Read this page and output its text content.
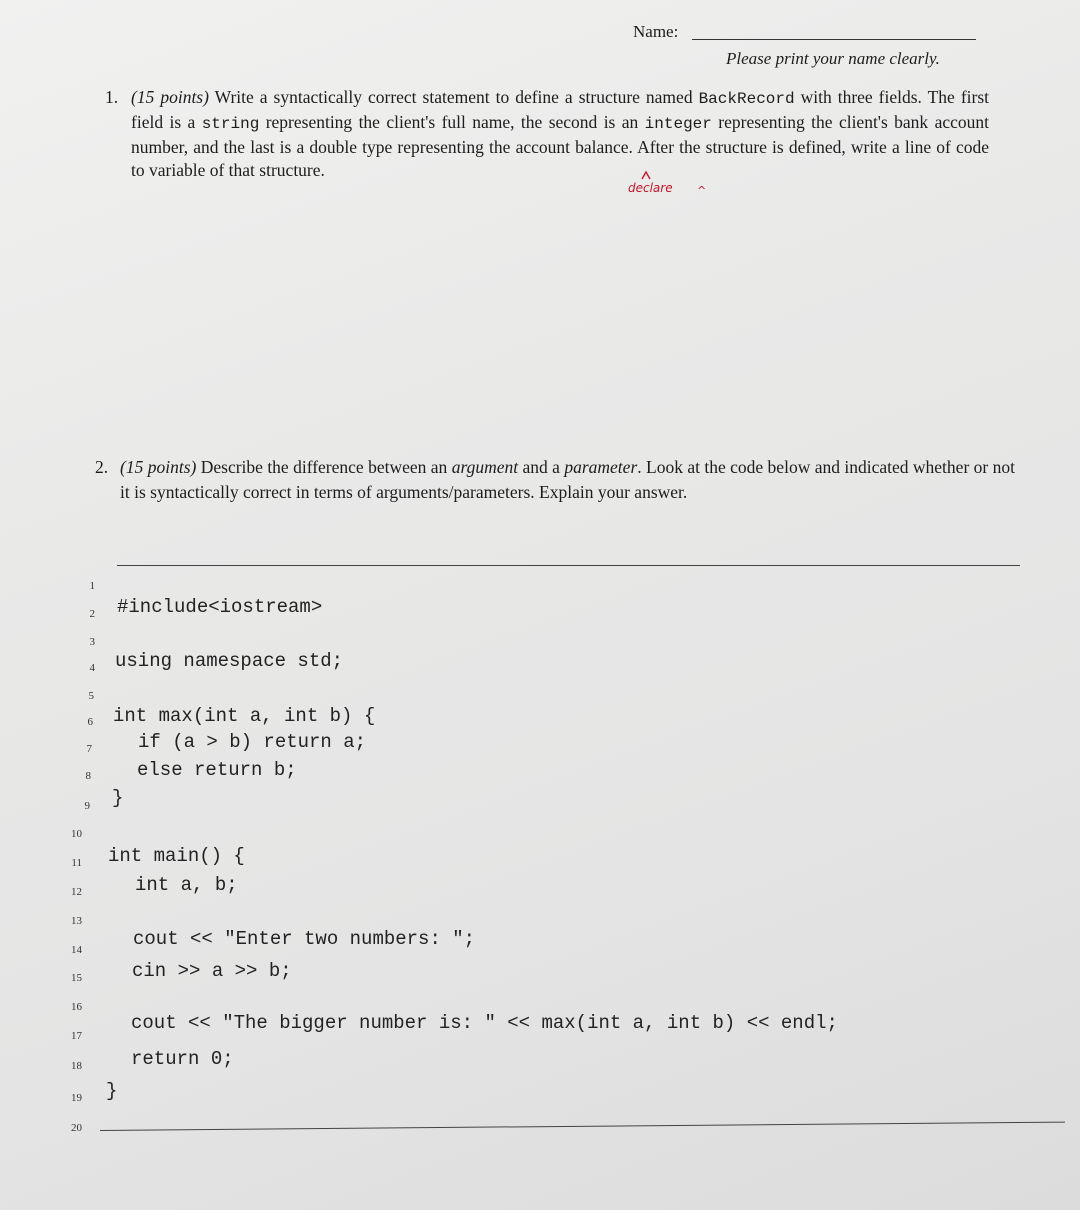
Name:
Please print your name clearly.
1. (15 points) Write a syntactically correct statement to define a structure named BackRecord with three fields. The first field is a string representing the client's full name, the second is an integer representing the client's bank account number, and the last is a double type representing the account balance. After the structure is defined, write a line of code to variable of that structure.
declare ^
2. (15 points) Describe the difference between an argument and a parameter. Look at the code below and indicated whether or not it is syntactically correct in terms of arguments/parameters. Explain your answer.
1
2 #include<iostream>
3
4 using namespace std;
5
6 int max(int a, int b) {
7 if (a > b) return a;
8 else return b;
9 }
10
11 int main() {
12	int a, b;
13
14	cout << "Enter two numbers: ";
15	cin >> a >> b;
16
17
cout << "The bigger number is: " << max(int a, int b) << endl;
18	return 0;
19 }
20
